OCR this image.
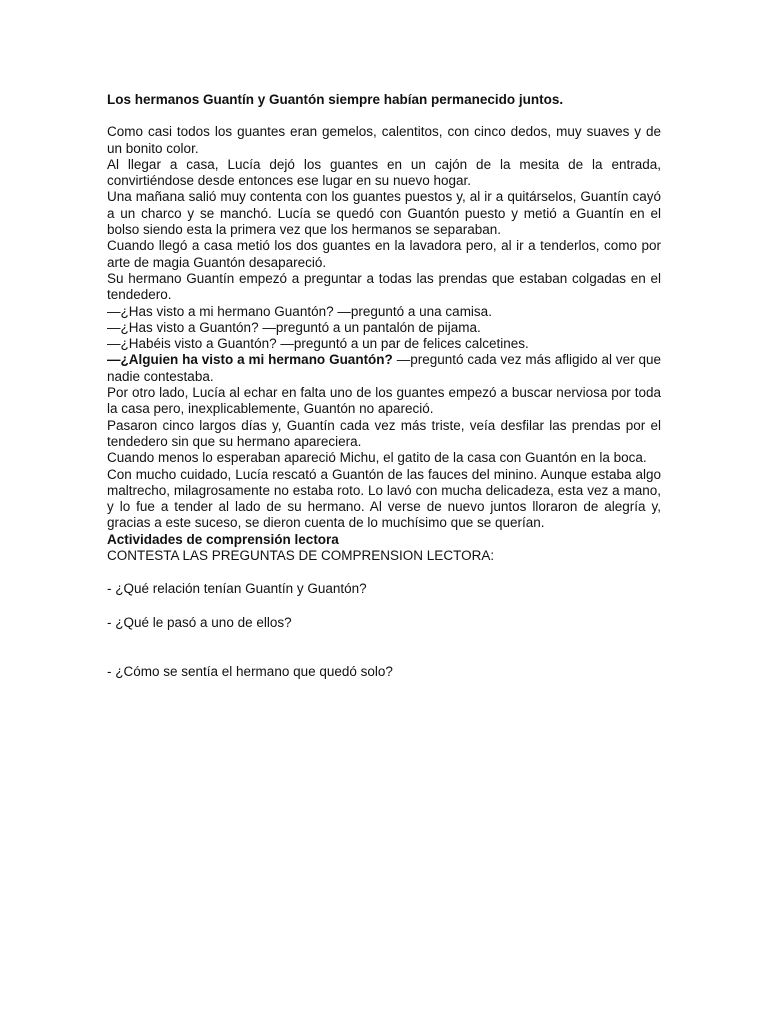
Los hermanos Guantín y Guantón siempre habían permanecido juntos.

Como casi todos los guantes eran gemelos, calentitos, con cinco dedos, muy suaves y de un bonito color.

Al llegar a casa, Lucía dejó los guantes en un cajón de la mesita de la entrada, convirtiéndose desde entonces ese lugar en su nuevo hogar.

Una mañana salió muy contenta con los guantes puestos y, al ir a quitárselos, Guantín cayó a un charco y se manchó. Lucía se quedó con Guantón puesto y metió a Guantín en el bolso siendo esta la primera vez que los hermanos se separaban.

Cuando llegó a casa metió los dos guantes en la lavadora pero, al ir a tenderlos, como por arte de magia Guantón desapareció.

Su hermano Guantín empezó a preguntar a todas las prendas que estaban colgadas en el tendedero.

—¿Has visto a mi hermano Guantón? —preguntó a una camisa.

—¿Has visto a Guantón? —preguntó a un pantalón de pijama.

—¿Habéis visto a Guantón? —preguntó a un par de felices calcetines.

—¿Alguien ha visto a mi hermano Guantón? —preguntó cada vez más afligido al ver que nadie contestaba.

Por otro lado, Lucía al echar en falta uno de los guantes empezó a buscar nerviosa por toda la casa pero, inexplicablemente, Guantón no apareció.

Pasaron cinco largos días y, Guantín cada vez más triste, veía desfilar las prendas por el tendedero sin que su hermano apareciera.

Cuando menos lo esperaban apareció Michu, el gatito de la casa con Guantón en la boca.

Con mucho cuidado, Lucía rescató a Guantón de las fauces del minino. Aunque estaba algo maltrecho, milagrosamente no estaba roto. Lo lavó con mucha delicadeza, esta vez a mano, y lo fue a tender al lado de su hermano. Al verse de nuevo juntos lloraron de alegría y, gracias a este suceso, se dieron cuenta de lo muchísimo que se querían.

Actividades de comprensión lectora

CONTESTA LAS PREGUNTAS DE COMPRENSION LECTORA:

- ¿Qué relación tenían Guantín y Guantón?

- ¿Qué le pasó a uno de ellos?

- ¿Cómo se sentía el hermano que quedó solo?
